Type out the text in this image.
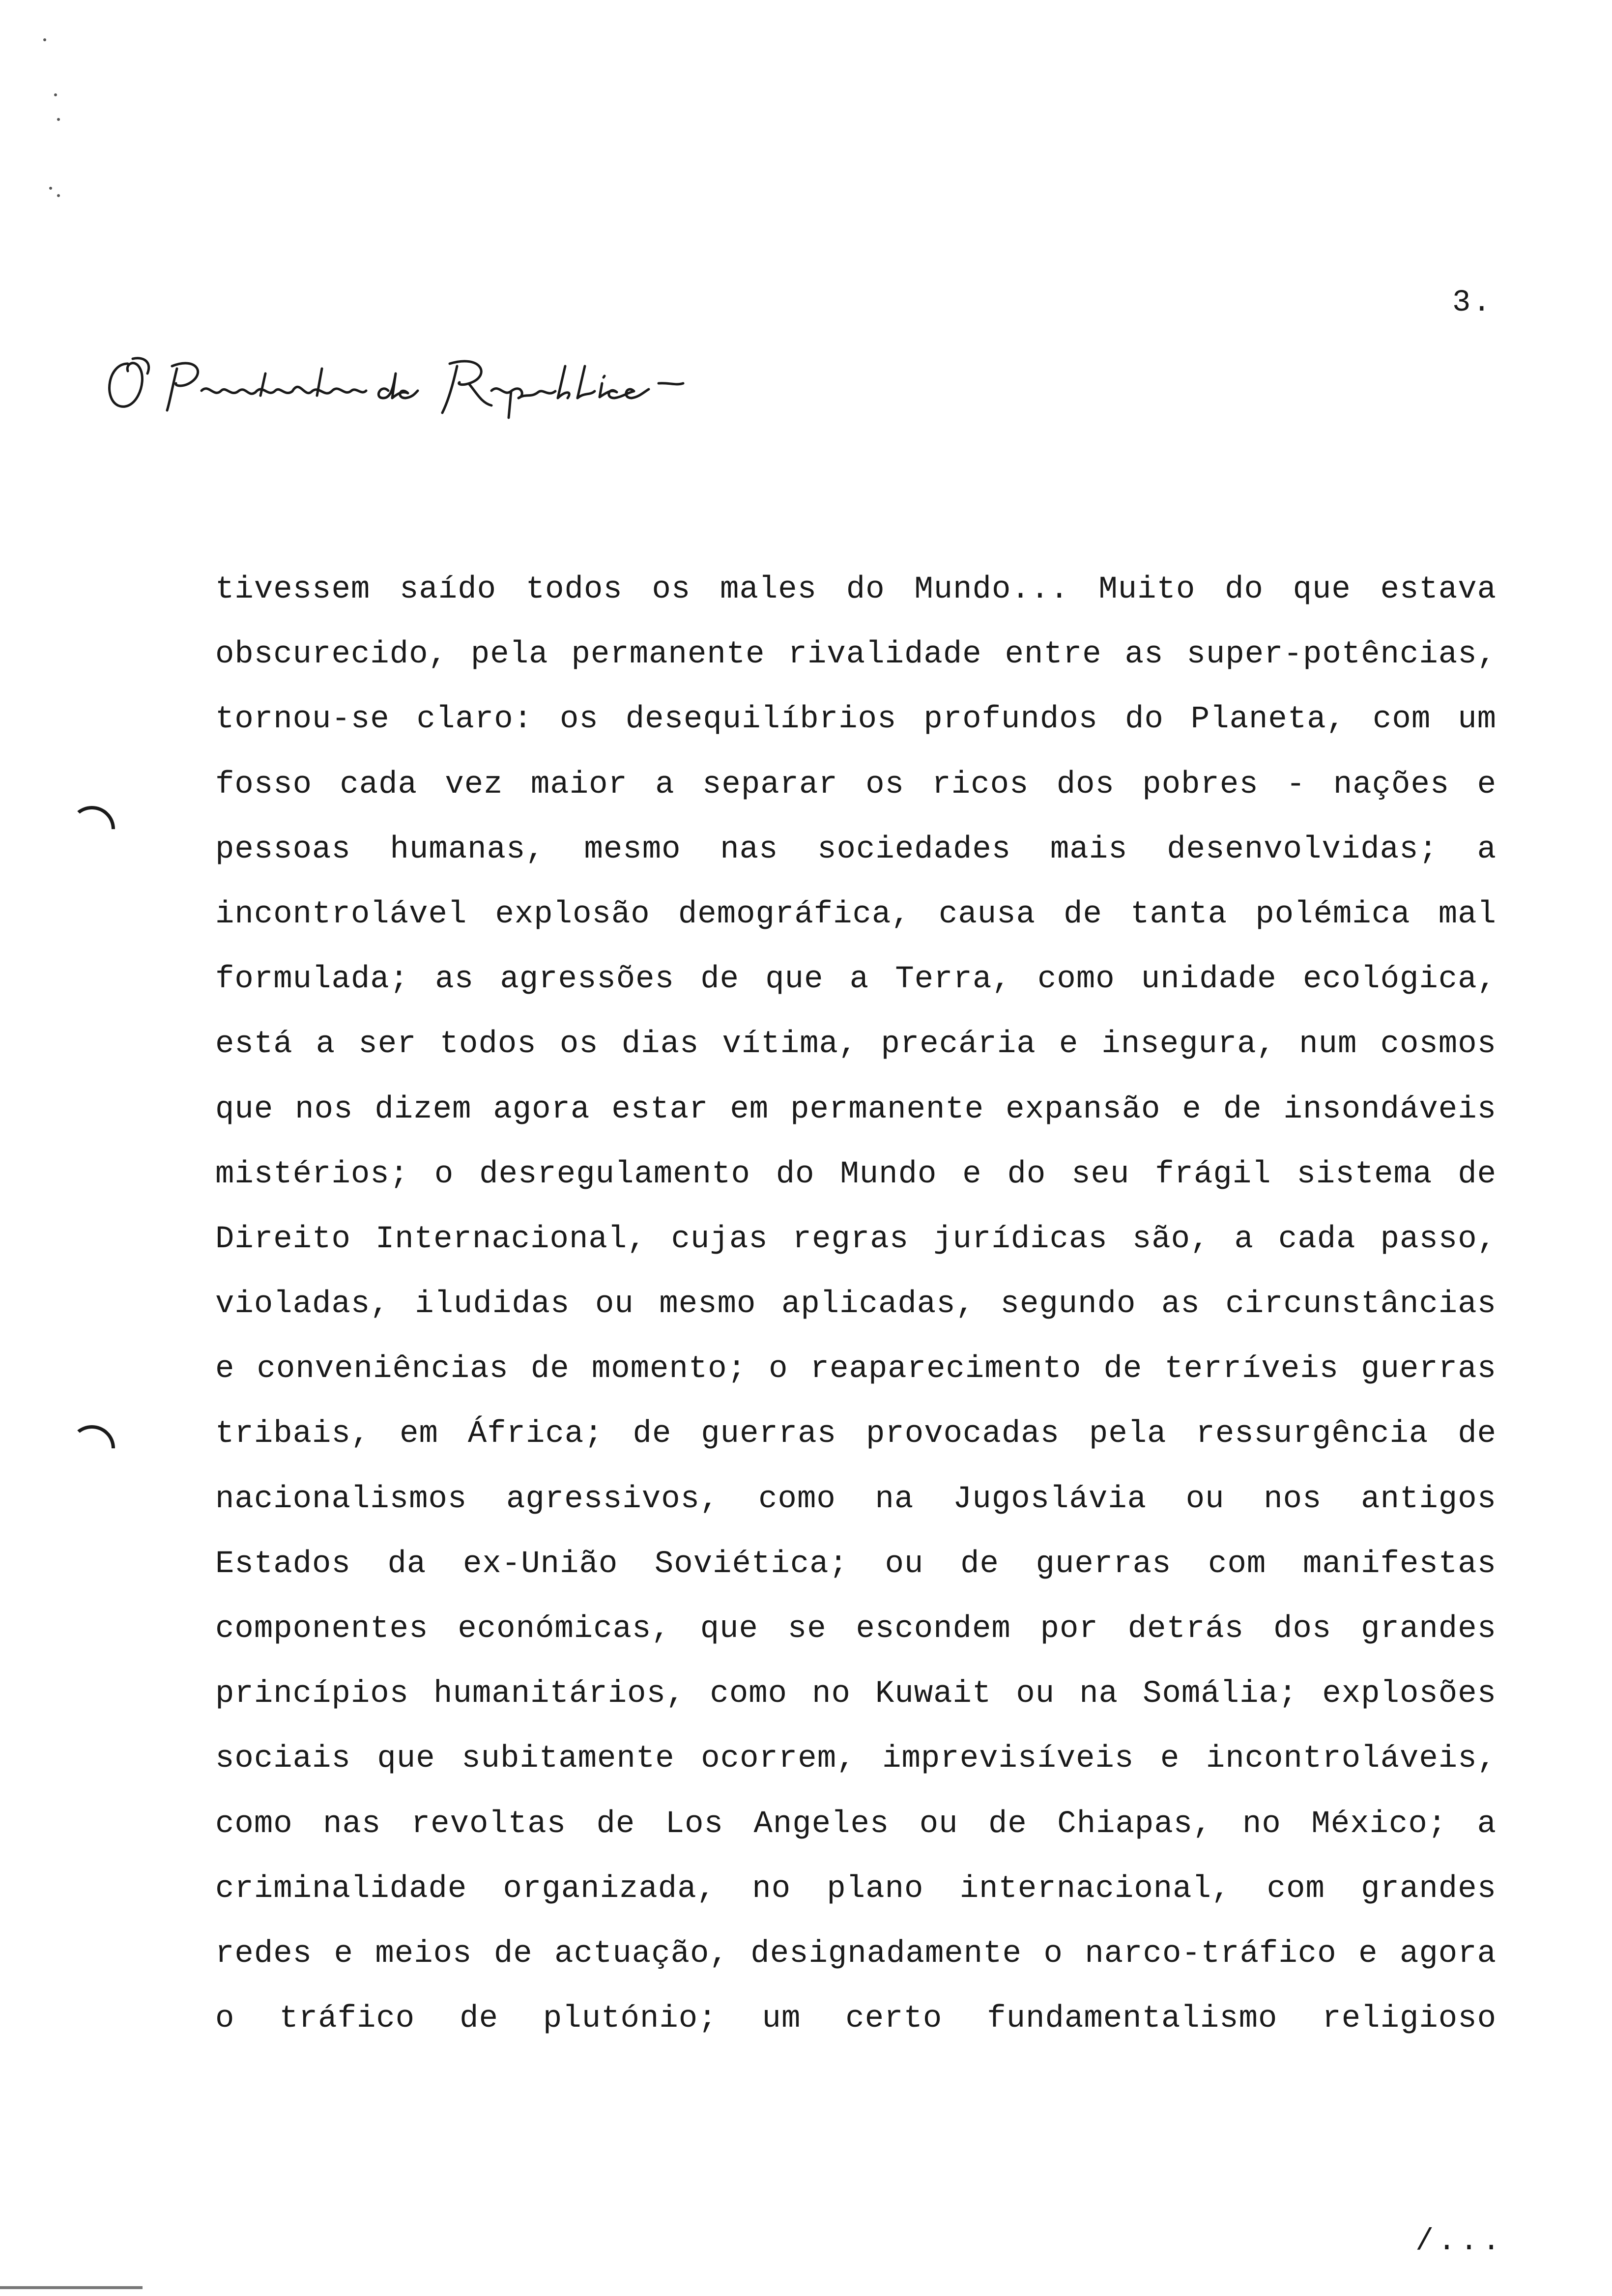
3.
tivessem saído todos os males do Mundo... Muito do que estava
obscurecido, pela permanente rivalidade entre as super-potências,
tornou-se claro: os desequilíbrios profundos do Planeta, com um
fosso cada vez maior a separar os ricos dos pobres - nações e
pessoas humanas, mesmo nas sociedades mais desenvolvidas; a
incontrolável explosão demográfica, causa de tanta polémica mal
formulada; as agressões de que a Terra, como unidade ecológica,
está a ser todos os dias vítima, precária e insegura, num cosmos
que nos dizem agora estar em permanente expansão e de insondáveis
mistérios; o desregulamento do Mundo e do seu frágil sistema de
Direito Internacional, cujas regras jurídicas são, a cada passo,
violadas, iludidas ou mesmo aplicadas, segundo as circunstâncias
e conveniências de momento; o reaparecimento de terríveis guerras
tribais, em África; de guerras provocadas pela ressurgência de
nacionalismos agressivos, como na Jugoslávia ou nos antigos
Estados da ex-União Soviética; ou de guerras com manifestas
componentes económicas, que se escondem por detrás dos grandes
princípios humanitários, como no Kuwait ou na Somália; explosões
sociais que subitamente ocorrem, imprevisíveis e incontroláveis,
como nas revoltas de Los Angeles ou de Chiapas, no México; a
criminalidade organizada, no plano internacional, com grandes
redes e meios de actuação, designadamente o narco-tráfico e agora
o tráfico de plutónio; um certo fundamentalismo religioso
/...
